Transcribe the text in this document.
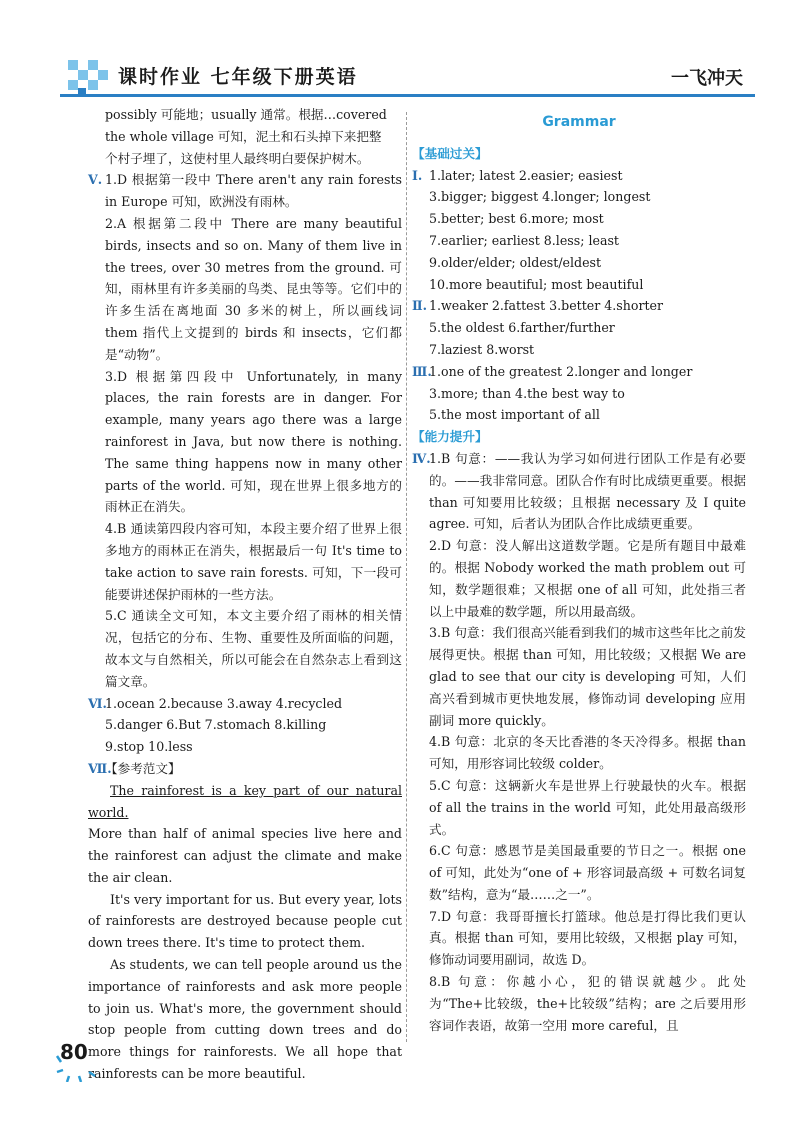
课时作业 七年级下册英语	一飞冲天

possibly 可能地；usually 通常。根据…covered

the whole village 可知，泥土和石头掉下来把整

个村子埋了，这使村里人最终明白要保护树木。

Ⅴ. 1.D 根据第一段中 There aren't any rain forests in Europe 可知，欧洲没有雨林。

2.A 根据第二段中 There are many beautiful birds, insects and so on. Many of them live in the trees, over 30 metres from the ground. 可知，雨林里有许多美丽的鸟类、昆虫等等。它们中的许多生活在离地面 30 多米的树上，所以画线词 them 指代上文提到的 birds 和 insects，它们都是“动物”。

3.D 根据第四段中 Unfortunately, in many places, the rain forests are in danger. For example, many years ago there was a large rainforest in Java, but now there is nothing. The same thing happens now in many other parts of the world. 可知，现在世界上很多地方的雨林正在消失。

4.B 通读第四段内容可知，本段主要介绍了世界上很多地方的雨林正在消失，根据最后一句 It's time to take action to save rain forests. 可知，下一段可能要讲述保护雨林的一些方法。

5.C 通读全文可知，本文主要介绍了雨林的相关情况，包括它的分布、生物、重要性及所面临的问题，故本文与自然相关，所以可能会在自然杂志上看到这篇文章。

Ⅵ.
1.ocean 2.because 3.away 4.recycled

5.danger 6.But 7.stomach 8.killing

9.stop 10.less

Ⅶ.
【参考范文】

The rainforest is a key part of our natural world.

More than half of animal species live here and the rainforest can adjust the climate and make the air clean.

It's very important for us. But every year, lots of rainforests are destroyed because people cut down trees there. It's time to protect them.

As students, we can tell people around us the importance of rainforests and ask more people to join us. What's more, the government should stop people from cutting down trees and do more things for rainforests. We all hope that rainforests can be more beautiful.

Grammar

【基础过关】

Ⅰ. 1.later; latest 2.easier; easiest

3.bigger; biggest 4.longer; longest

5.better; best 6.more; most

7.earlier; earliest 8.less; least

9.older/elder; oldest/eldest

10.more beautiful; most beautiful

Ⅱ. 1.weaker 2.fattest 3.better 4.shorter

5.the oldest 6.farther/further

7.laziest 8.worst

Ⅲ.
1.one of the greatest 2.longer and longer

3.more; than 4.the best way to

5.the most important of all

【能力提升】

Ⅳ.
1.B 句意：——我认为学习如何进行团队工作是有必要的。——我非常同意。团队合作有时比成绩更重要。根据 than 可知要用比较级；且根据 necessary 及 I quite agree. 可知，后者认为团队合作比成绩更重要。

2.D 句意：没人解出这道数学题。它是所有题目中最难的。根据 Nobody worked the math problem out 可知，数学题很难；又根据 one of all 可知，此处指三者以上中最难的数学题，所以用最高级。

3.B 句意：我们很高兴能看到我们的城市这些年比之前发展得更快。根据 than 可知，用比较级；又根据 We are glad to see that our city is developing 可知，人们高兴看到城市更快地发展，修饰动词 developing 应用副词 more quickly。

4.B 句意：北京的冬天比香港的冬天冷得多。根据 than 可知，用形容词比较级 colder。

5.C 句意：这辆新火车是世界上行驶最快的火车。根据 of all the trains in the world 可知，此处用最高级形式。

6.C 句意：感恩节是美国最重要的节日之一。根据 one of 可知，此处为“one of + 形容词最高级 + 可数名词复数”结构，意为“最……之一”。

7.D 句意：我哥哥擅长打篮球。他总是打得比我们更认真。根据 than 可知，要用比较级，又根据 play 可知，修饰动词要用副词，故选 D。

8.B 句意：你越小心，犯的错误就越少。此处为“The+比较级，the+比较级”结构；are 之后要用形容词作表语，故第一空用 more careful，且

80
